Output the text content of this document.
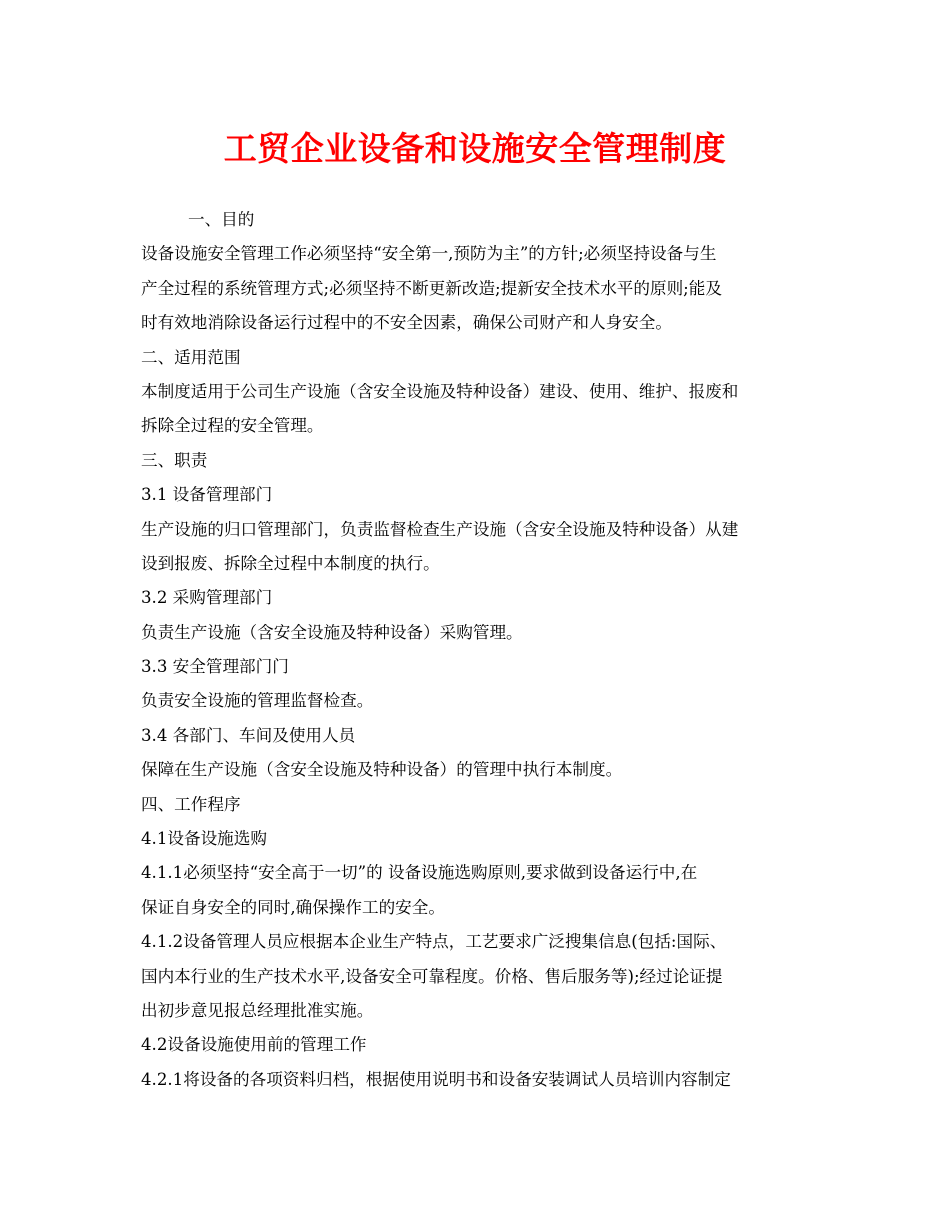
工贸企业设备和设施安全管理制度

一、目的

设备设施安全管理工作必须坚持“安全第一,预防为主”的方针;必须坚持设备与生

产全过程的系统管理方式;必须坚持不断更新改造;提新安全技术水平的原则;能及

时有效地消除设备运行过程中的不安全因素，确保公司财产和人身安全。

二、适用范围

本制度适用于公司生产设施（含安全设施及特种设备）建设、使用、维护、报废和

拆除全过程的安全管理。

三、职责

3.1 设备管理部门

生产设施的归口管理部门，负责监督检查生产设施（含安全设施及特种设备）从建

设到报废、拆除全过程中本制度的执行。

3.2 采购管理部门

负责生产设施（含安全设施及特种设备）采购管理。

3.3 安全管理部门门

负责安全设施的管理监督检查。

3.4 各部门、车间及使用人员

保障在生产设施（含安全设施及特种设备）的管理中执行本制度。

四、工作程序

4.1设备设施选购

4.1.1必须坚持“安全高于一切”的 设备设施选购原则,要求做到设备运行中,在

保证自身安全的同时,确保操作工的安全。

4.1.2设备管理人员应根据本企业生产特点，工艺要求广泛搜集信息(包括:国际、

国内本行业的生产技术水平,设备安全可靠程度。价格、售后服务等);经过论证提

出初步意见报总经理批准实施。

4.2设备设施使用前的管理工作

4.2.1将设备的各项资料归档，根据使用说明书和设备安装调试人员培训内容制定
